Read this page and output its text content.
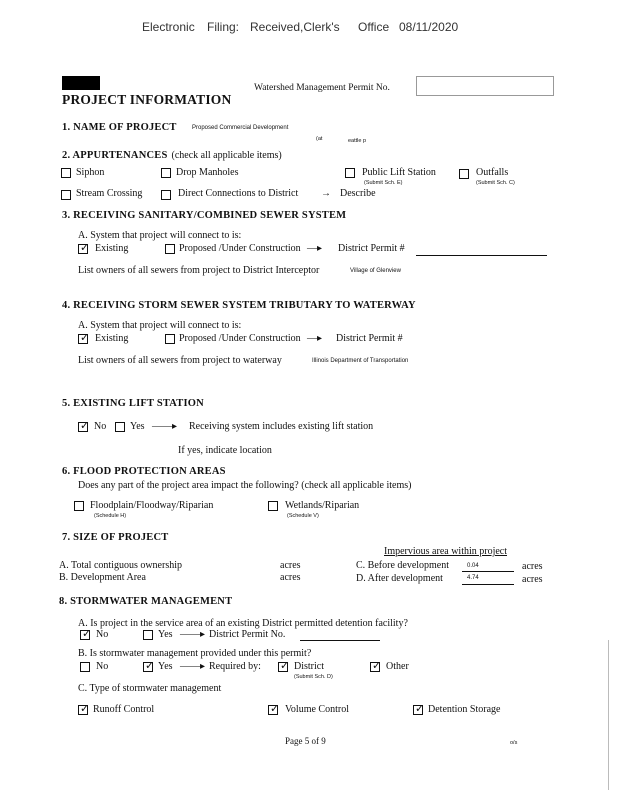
Electronic Filing: Received,Clerk's Office 08/11/2020
PROJECT INFORMATION
Watershed Management Permit No.
1. NAME OF PROJECT	Proposed Commercial Development
(at	eattle p
2. APPURTENANCES (check all applicable items)
Siphon	Drop Manholes	Public Lift Station
(Submit Sch. E)
Outfalls
(Submit Sch. C)
Stream Crossing	Direct Connections to District → Describe
3. RECEIVING SANITARY/COMBINED SEWER SYSTEM
A. System that project will connect to is:
✓
Existing	Proposed /Under Construction —▸ District Permit #
List owners of all sewers from project to District Interceptor	Village of Glenview
4. RECEIVING STORM SEWER SYSTEM TRIBUTARY TO WATERWAY
A. System that project will connect to is:
✓
Existing	Proposed /Under Construction —▸ District Permit #
List owners of all sewers from project to waterway	Illinois Department of Transportation
5. EXISTING LIFT STATION
✓
No Yes ——▸ Receiving system includes existing lift station
If yes, indicate location
6. FLOOD PROTECTION AREAS
Does any part of the project area impact the following? (check all applicable items)
Floodplain/Floodway/Riparian
(Schedule H)
Wetlands/Riparian
(Schedule V)
7. SIZE OF PROJECT
Impervious area within project
A. Total contiguous ownership	acres	C. Before development	0.04	acres
B. Development Area	acres	D. After development	4.74	acres
8. STORMWATER MANAGEMENT
A. Is project in the service area of an existing District permitted detention facility?
✓
No	Yes ——▸ District Permit No.
B. Is stormwater management provided under this permit?
No ✓	Yes ——▸ Required by: ✓	District
(Submit Sch. D)
✓
Other
C. Type of stormwater management
✓
Runoff Control ✓	Volume Control ✓	Detention Storage
Page 5 of 9	o/s
